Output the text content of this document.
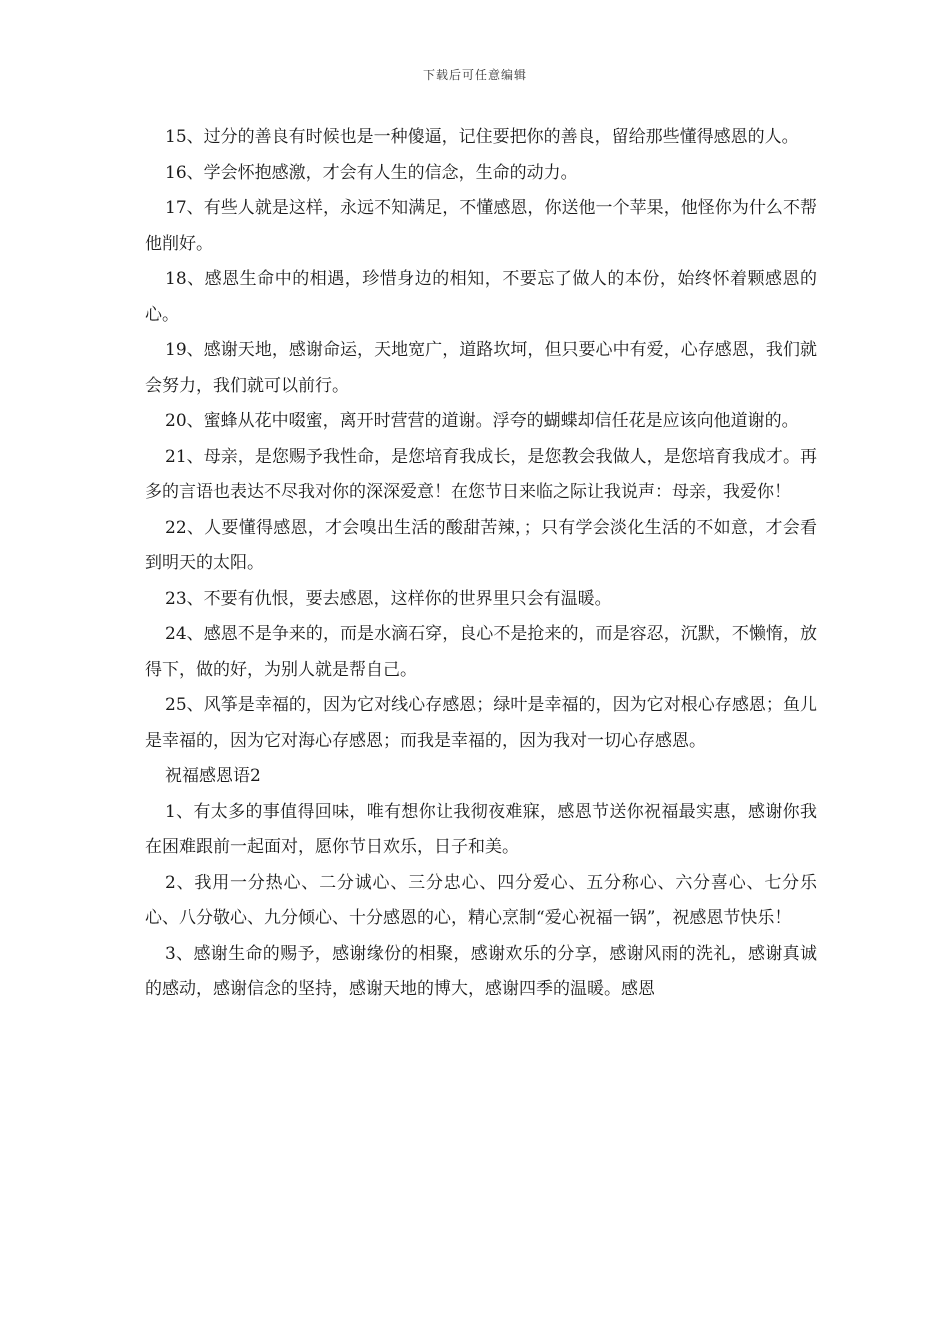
下载后可任意编辑

15、过分的善良有时候也是一种傻逼，记住要把你的善良，留给那些懂得感恩的人。

16、学会怀抱感激，才会有人生的信念，生命的动力。

17、有些人就是这样，永远不知满足，不懂感恩，你送他一个苹果，他怪你为什么不帮他削好。

18、感恩生命中的相遇，珍惜身边的相知，不要忘了做人的本份，始终怀着颗感恩的心。

19、感谢天地，感谢命运，天地宽广，道路坎坷，但只要心中有爱，心存感恩，我们就会努力，我们就可以前行。

20、蜜蜂从花中啜蜜，离开时营营的道谢。浮夸的蝴蝶却信任花是应该向他道谢的。

21、母亲，是您赐予我性命，是您培育我成长，是您教会我做人，是您培育我成才。再多的言语也表达不尽我对你的深深爱意！在您节日来临之际让我说声：母亲，我爱你！

22、人要懂得感恩，才会嗅出生活的酸甜苦辣，；只有学会淡化生活的不如意，才会看到明天的太阳。

23、不要有仇恨，要去感恩，这样你的世界里只会有温暖。

24、感恩不是争来的，而是水滴石穿，良心不是抢来的，而是容忍，沉默，不懒惰，放得下，做的好，为别人就是帮自己。

25、风筝是幸福的，因为它对线心存感恩；绿叶是幸福的，因为它对根心存感恩；鱼儿是幸福的，因为它对海心存感恩；而我是幸福的，因为我对一切心存感恩。

祝福感恩语2

1、有太多的事值得回味，唯有想你让我彻夜难寐，感恩节送你祝福最实惠，感谢你我在困难跟前一起面对，愿你节日欢乐，日子和美。

2、我用一分热心、二分诚心、三分忠心、四分爱心、五分称心、六分喜心、七分乐心、八分敬心、九分倾心、十分感恩的心，精心烹制“爱心祝福一锅”，祝感恩节快乐！

3、感谢生命的赐予，感谢缘份的相聚，感谢欢乐的分享，感谢风雨的洗礼，感谢真诚的感动，感谢信念的坚持，感谢天地的博大，感谢四季的温暖。感恩
